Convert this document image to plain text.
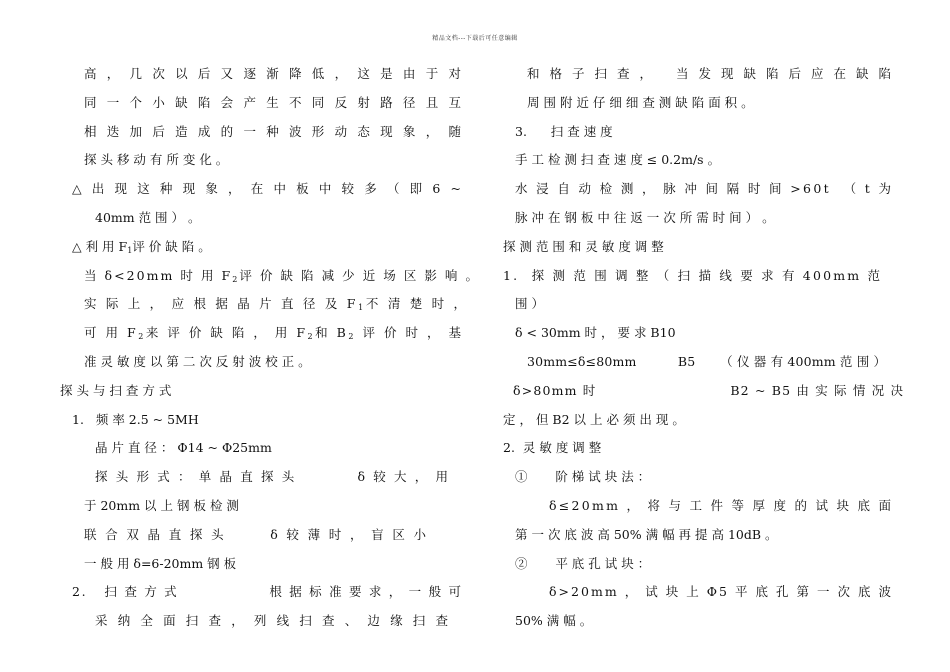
精品文档---下载后可任意编辑
高 ， 几 次 以 后 又 逐 渐 降 低 ， 这 是 由 于 对
同 一 个 小 缺 陷 会 产 生 不 同 反 射 路 径 且 互
相 迭 加 后 造 成 的 一 种 波 形 动 态 现 象 ， 随
探 头 移 动 有 所 变 化 。
△ 出 现 这 种 现 象 ， 在 中 板 中 较 多 （ 即 6 ~
40mm 范 围 ） 。
△ 利 用 $F_1$评 价 缺 陷 。
当 δ<20mm 时 用 $F_2$评 价 缺 陷 减 少 近 场 区 影 响 。
实 际 上 ， 应 根 据 晶 片 直 径 及 $F_1$不 清 楚 时 ，
可 用 $F_2$来 评 价 缺 陷 ， 用 $F_2$和 $B_2$ 评 价 时 ， 基
准 灵 敏 度 以 第 二 次 反 射 波 校 正 。
探 头 与 扫 查 方 式
1.   频 率 2.5 ~ 5MH
晶 片 直 径 ： Φ14 ~ Φ25mm
探 头 形 式 ： 单 晶 直 探 头          δ 较 大 ， 用
于 20mm 以 上 钢 板 检 测
联 合 双 晶 直 探 头       δ 较 薄 时 ， 盲 区 小
一 般 用 δ=6-20mm 钢 板
2.   扫 查 方 式                根 据 标 准 要 求 ， 一 般 可
采 纳 全 面 扫 查 ， 列 线 扫 查 、 边 缘 扫 查
和 格 子 扫 查 ，   当 发 现 缺 陷 后 应 在 缺 陷
周 围 附 近 仔 细 细 查 测 缺 陷 面 积 。
3.      扫 查 速 度
手 工 检 测 扫 查 速 度 ≤ 0.2m/s 。
水 浸 自 动 检 测 ， 脉 冲 间 隔 时 间 >60t  （ t 为
脉 冲 在 钢 板 中 往 返 一 次 所 需 时 间 ） 。
探 测 范 围 和 灵 敏 度 调 整
1.  探 测 范 围 调 整 （ 扫 描 线 要 求 有 400mm 范
围 ）
δ < 30mm 时 ， 要 求 B10
30mm≤δ≤80mm          B5      （ 仪 器 有 400mm 范 围 ）
δ>80mm 时                          B2 ~ B5 由 实 际 情 况 决
定 ， 但 B2 以 上 必 须 出 现 。
2.  灵 敏 度 调 整
①       阶 梯 试 块 法 ：
δ≤20mm ， 将 与 工 件 等 厚 度 的 试 块 底 面
第 一 次 底 波 高 50% 满 幅 再 提 高 10dB 。
②       平 底 孔 试 块 ：
δ>20mm ， 试 块 上 Φ5 平 底 孔 第 一 次 底 波
50% 满 幅 。
